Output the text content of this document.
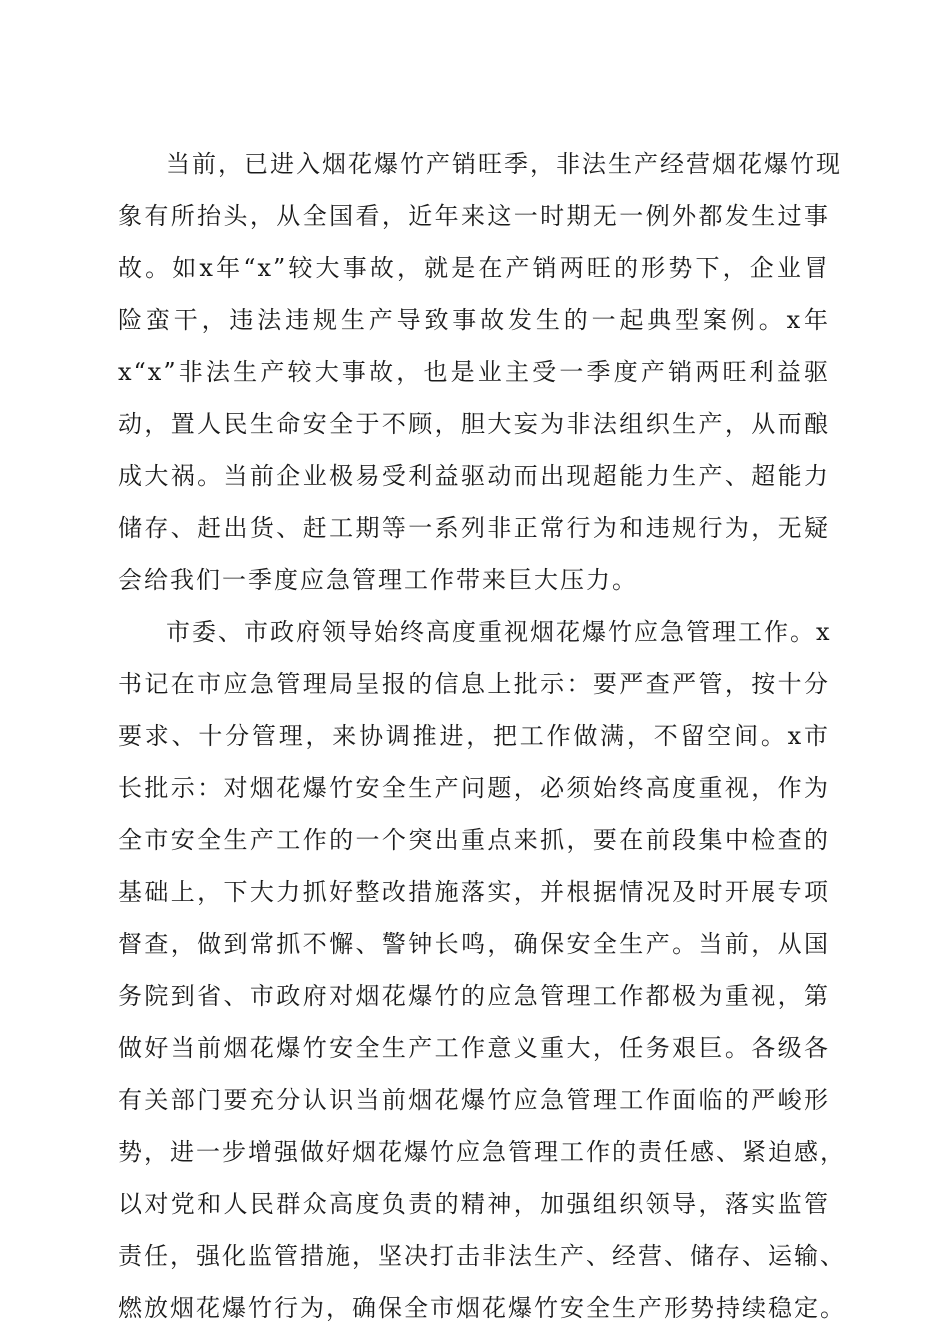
当前，已进入烟花爆竹产销旺季，非法生产经营烟花爆竹现
象有所抬头，从全国看，近年来这一时期无一例外都发生过事
故。如x年“x”较大事故，就是在产销两旺的形势下，企业冒
险蛮干，违法违规生产导致事故发生的一起典型案例。x年
x“x”非法生产较大事故，也是业主受一季度产销两旺利益驱
动，置人民生命安全于不顾，胆大妄为非法组织生产，从而酿
成大祸。当前企业极易受利益驱动而出现超能力生产、超能力
储存、赶出货、赶工期等一系列非正常行为和违规行为，无疑
会给我们一季度应急管理工作带来巨大压力。
市委、市政府领导始终高度重视烟花爆竹应急管理工作。x
书记在市应急管理局呈报的信息上批示：要严查严管，按十分
要求、十分管理，来协调推进，把工作做满，不留空间。x市
长批示：对烟花爆竹安全生产问题，必须始终高度重视，作为
全市安全生产工作的一个突出重点来抓，要在前段集中检查的
基础上，下大力抓好整改措施落实，并根据情况及时开展专项
督查，做到常抓不懈、警钟长鸣，确保安全生产。当前，从国
务院到省、市政府对烟花爆竹的应急管理工作都极为重视，第
做好当前烟花爆竹安全生产工作意义重大，任务艰巨。各级各
有关部门要充分认识当前烟花爆竹应急管理工作面临的严峻形
势，进一步增强做好烟花爆竹应急管理工作的责任感、紧迫感，
以对党和人民群众高度负责的精神，加强组织领导，落实监管
责任，强化监管措施，坚决打击非法生产、经营、储存、运输、
燃放烟花爆竹行为，确保全市烟花爆竹安全生产形势持续稳定。
